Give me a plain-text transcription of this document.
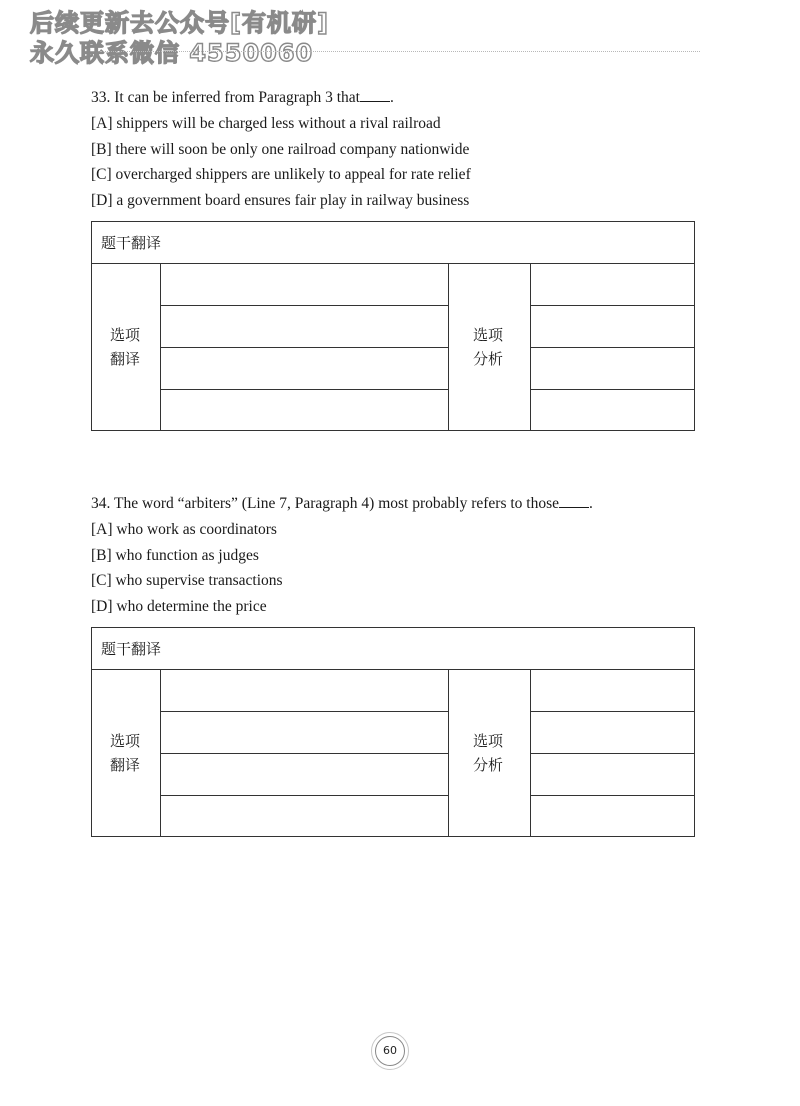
后续更新去公众号[有机研]
永久联系微信 4550060
33. It can be inferred from Paragraph 3 that .
[A] shippers will be charged less without a rival railroad
[B] there will soon be only one railroad company nationwide
[C] overcharged shippers are unlikely to appeal for rate relief
[D] a government board ensures fair play in railway business
题干翻译
选项
翻译
选项
分析
34. The word “arbiters” (Line 7, Paragraph 4) most probably refers to those .
[A] who work as coordinators
[B] who function as judges
[C] who supervise transactions
[D] who determine the price
题干翻译
选项
翻译
选项
分析
60
